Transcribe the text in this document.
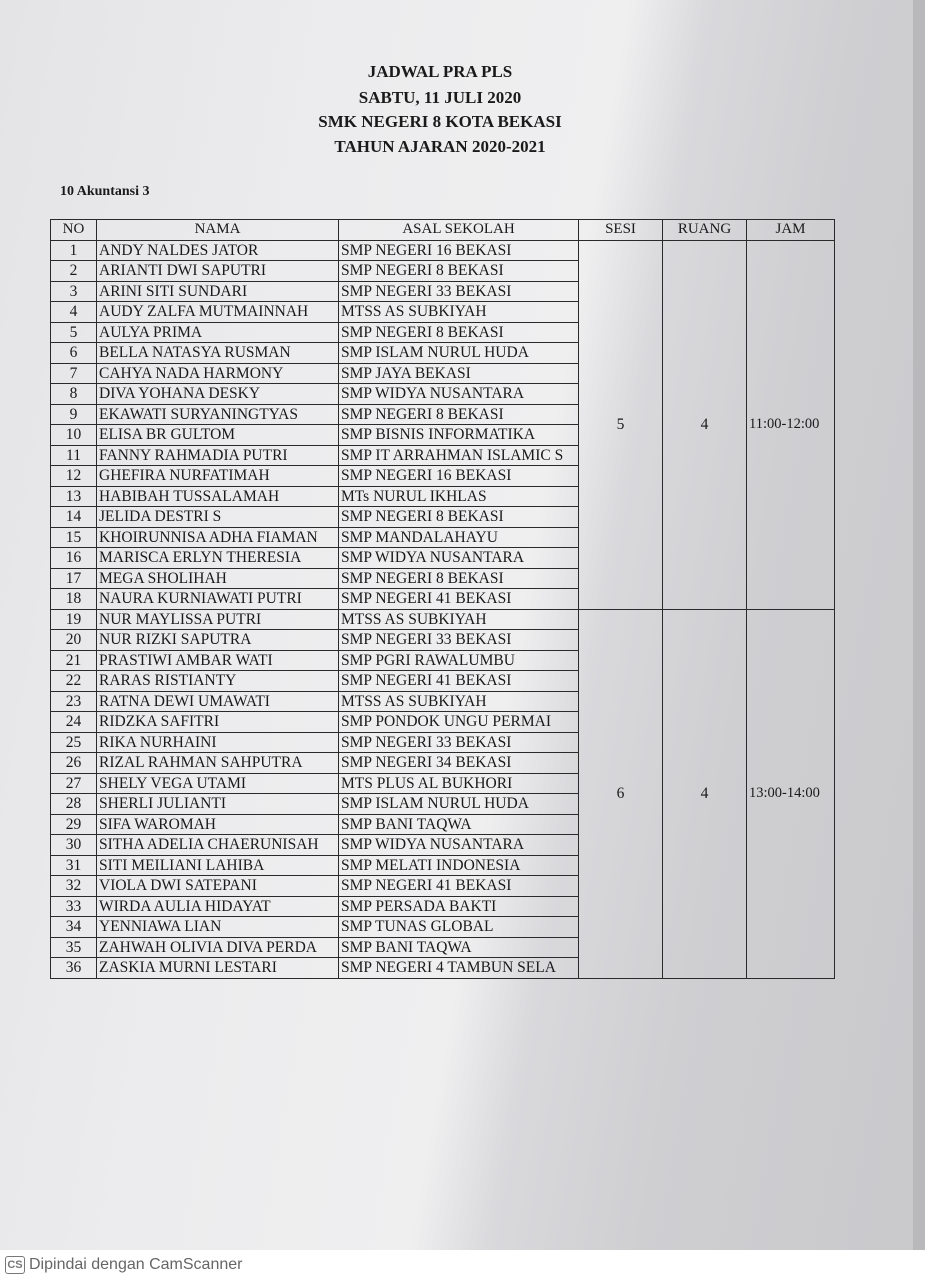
JADWAL PRA PLS
SABTU, 11 JULI 2020
SMK NEGERI 8 KOTA BEKASI
TAHUN AJARAN 2020-2021
10 Akuntansi 3
NO	NAMA	ASAL SEKOLAH	SESI	RUANG	JAM
1	ANDY NALDES JATOR	SMP NEGERI 16 BEKASI	5	4	11:00-12:00
2	ARIANTI DWI SAPUTRI	SMP NEGERI 8 BEKASI			
3	ARINI SITI SUNDARI	SMP NEGERI 33 BEKASI			
4	AUDY ZALFA MUTMAINNAH	MTSS AS SUBKIYAH			
5	AULYA PRIMA	SMP NEGERI 8 BEKASI			
6	BELLA NATASYA RUSMAN	SMP ISLAM NURUL HUDA			
7	CAHYA NADA HARMONY	SMP JAYA BEKASI			
8	DIVA YOHANA DESKY	SMP WIDYA NUSANTARA			
9	EKAWATI SURYANINGTYAS	SMP NEGERI 8 BEKASI			
10	ELISA BR GULTOM	SMP BISNIS INFORMATIKA			
11	FANNY RAHMADIA PUTRI	SMP IT ARRAHMAN ISLAMIC S			
12	GHEFIRA NURFATIMAH	SMP NEGERI 16 BEKASI			
13	HABIBAH TUSSALAMAH	MTs NURUL IKHLAS			
14	JELIDA DESTRI S	SMP NEGERI 8 BEKASI			
15	KHOIRUNNISA ADHA FIAMAN	SMP MANDALAHAYU			
16	MARISCA ERLYN THERESIA	SMP WIDYA NUSANTARA			
17	MEGA SHOLIHAH	SMP NEGERI 8 BEKASI			
18	NAURA KURNIAWATI PUTRI	SMP NEGERI 41 BEKASI			
19	NUR MAYLISSA PUTRI	MTSS AS SUBKIYAH	6	4	13:00-14:00
20	NUR RIZKI SAPUTRA	SMP NEGERI 33 BEKASI			
21	PRASTIWI AMBAR WATI	SMP PGRI RAWALUMBU			
22	RARAS RISTIANTY	SMP NEGERI 41 BEKASI			
23	RATNA DEWI UMAWATI	MTSS AS SUBKIYAH			
24	RIDZKA SAFITRI	SMP PONDOK UNGU PERMAI			
25	RIKA NURHAINI	SMP NEGERI 33 BEKASI			
26	RIZAL RAHMAN SAHPUTRA	SMP NEGERI 34 BEKASI			
27	SHELY VEGA UTAMI	MTS PLUS AL BUKHORI			
28	SHERLI JULIANTI	SMP ISLAM NURUL HUDA			
29	SIFA WAROMAH	SMP BANI TAQWA			
30	SITHA ADELIA CHAERUNISAH	SMP WIDYA NUSANTARA			
31	SITI MEILIANI LAHIBA	SMP MELATI INDONESIA			
32	VIOLA DWI SATEPANI	SMP NEGERI 41 BEKASI			
33	WIRDA AULIA HIDAYAT	SMP PERSADA BAKTI			
34	YENNIAWA LIAN	SMP TUNAS GLOBAL			
35	ZAHWAH OLIVIA DIVA PERDA	SMP BANI TAQWA			
36	ZASKIA MURNI LESTARI	SMP NEGERI 4 TAMBUN SELA			
CS Dipindai dengan CamScanner
